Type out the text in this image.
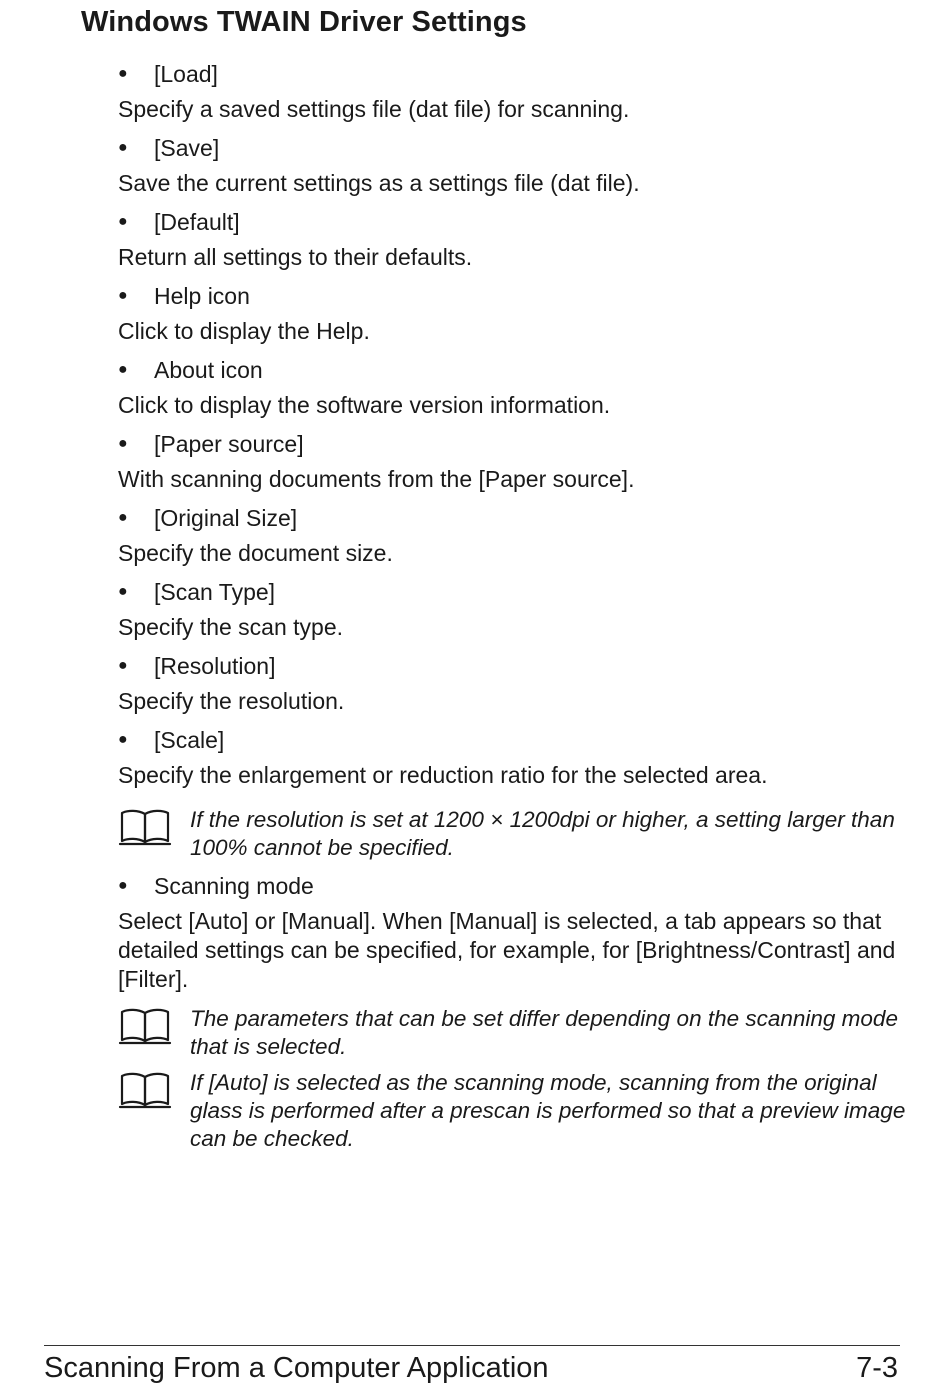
Windows TWAIN Driver Settings
●	[Load]
Specify a saved settings file (dat file) for scanning.
●	[Save]
Save the current settings as a settings file (dat file).
●	[Default]
Return all settings to their defaults.
●	Help icon
Click to display the Help.
●	About icon
Click to display the software version information.
●	[Paper source]
With scanning documents from the [Paper source].
●	[Original Size]
Specify the document size.
●	[Scan Type]
Specify the scan type.
●	[Resolution]
Specify the resolution.
●	[Scale]
Specify the enlargement or reduction ratio for the selected area.
If the resolution is set at 1200 × 1200dpi or higher, a setting larger than 100% cannot be specified.
●	Scanning mode
Select [Auto] or [Manual]. When [Manual] is selected, a tab appears so that detailed settings can be specified, for example, for [Brightness/Contrast] and [Filter].
The parameters that can be set differ depending on the scanning mode that is selected.
If [Auto] is selected as the scanning mode, scanning from the original glass is performed after a prescan is performed so that a preview image can be checked.
Scanning From a Computer Application	7-3
